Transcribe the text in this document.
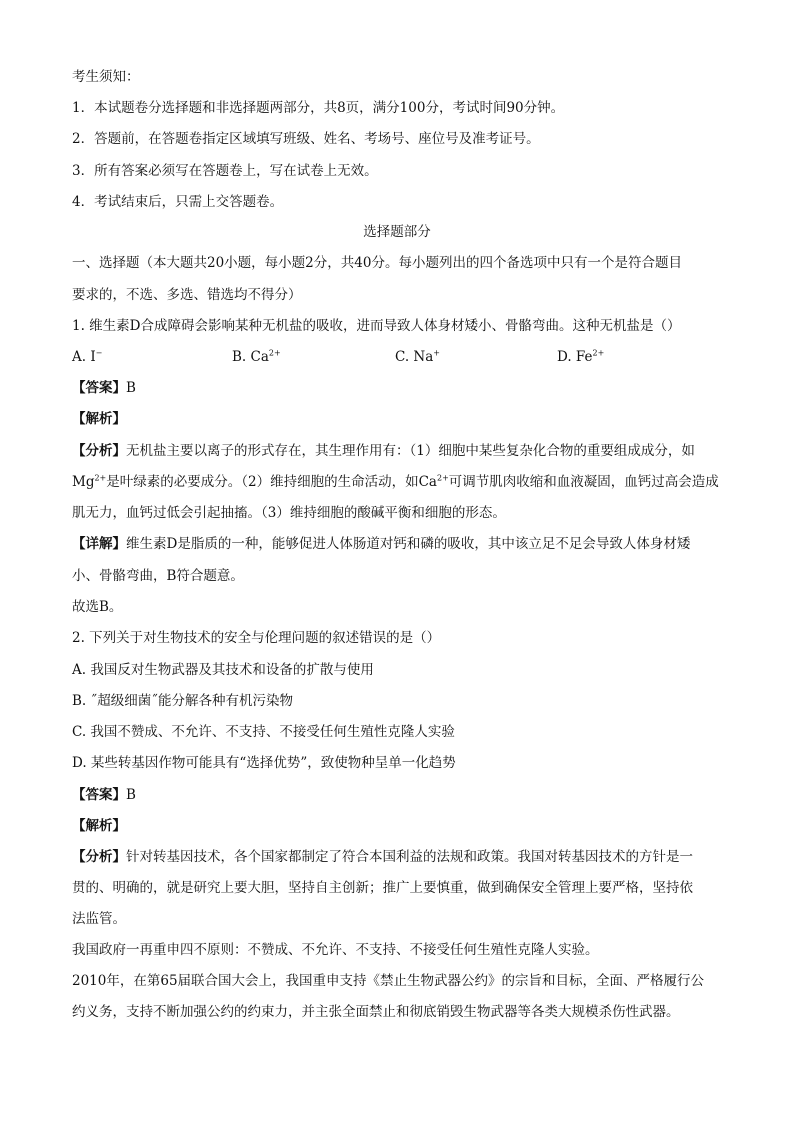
考生须知：
1．本试题卷分选择题和非选择题两部分，共8页，满分100分，考试时间90分钟。
2．答题前，在答题卷指定区域填写班级、姓名、考场号、座位号及准考证号。
3．所有答案必须写在答题卷上，写在试卷上无效。
4．考试结束后，只需上交答题卷。
选择题部分
一、选择题（本大题共20小题，每小题2分，共40分。每小题列出的四个备选项中只有一个是符合题目
要求的，不选、多选、错选均不得分）
1. 维生素D合成障碍会影响某种无机盐的吸收，进而导致人体身材矮小、骨骼弯曲。这种无机盐是（）
A. I−	B. $Ca^{2+}$	C. Na+	D. $Fe^{2+}$
【答案】B
【解析】
【分析】无机盐主要以离子的形式存在，其生理作用有：（1）细胞中某些复杂化合物的重要组成成分，如
$Mg^{2+}$是叶绿素的必要成分。（2）维持细胞的生命活动，如$Ca^{2+}$可调节肌肉收缩和血液凝固，血钙过高会造成
肌无力，血钙过低会引起抽搐。（3）维持细胞的酸碱平衡和细胞的形态。
【详解】维生素D是脂质的一种，能够促进人体肠道对钙和磷的吸收，其中该立足不足会导致人体身材矮
小、骨骼弯曲，B符合题意。
故选B。
2. 下列关于对生物技术的安全与伦理问题的叙述错误的是（）
A. 我国反对生物武器及其技术和设备的扩散与使用
B. ˝超级细菌˝能分解各种有机污染物
C. 我国不赞成、不允许、不支持、不接受任何生殖性克隆人实验
D. 某些转基因作物可能具有“选择优势”，致使物种呈单一化趋势
【答案】B
【解析】
【分析】针对转基因技术，各个国家都制定了符合本国利益的法规和政策。我国对转基因技术的方针是一
贯的、明确的，就是研究上要大胆，坚持自主创新；推广上要慎重，做到确保安全管理上要严格，坚持依
法监管。
我国政府一再重申四不原则：不赞成、不允许、不支持、不接受任何生殖性克隆人实验。
2010年，在第65届联合国大会上，我国重申支持《禁止生物武器公约》的宗旨和目标，全面、严格履行公
约义务，支持不断加强公约的约束力，并主张全面禁止和彻底销毁生物武器等各类大规模杀伤性武器。
